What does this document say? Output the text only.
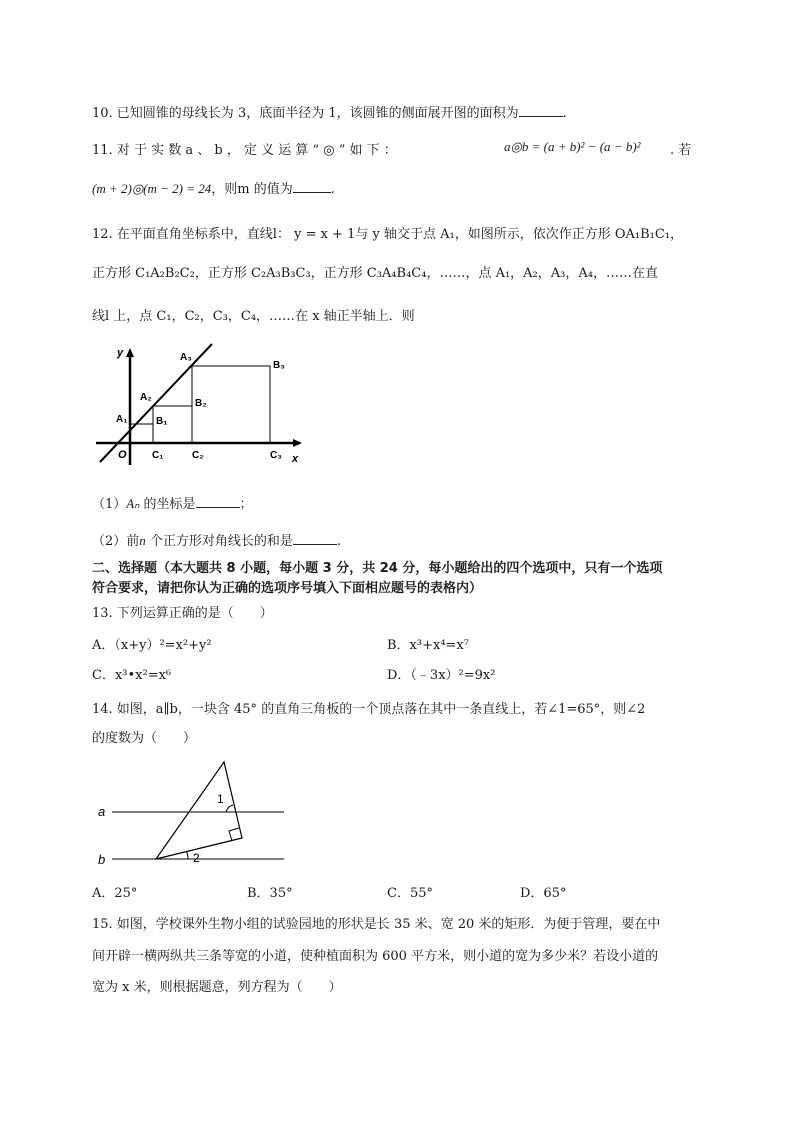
10. 已知圆锥的母线长为 3，底面半径为 1，该圆锥的侧面展开图的面积为	.
11. 对 于 实 数 a 、 b ， 定 义 运 算 “ ◎ ” 如 下 ：	a◎b = (a + b)² − (a − b)² . 若
(m + 2)◎(m − 2) = 24，则m 的值为	.
12. 在平面直角坐标系中，直线l： y = x + 1与 y 轴交于点 A₁，如图所示，依次作正方形 OA₁B₁C₁，
正方形 C₁A₂B₂C₂，正方形 C₂A₃B₃C₃，正方形 C₃A₄B₄C₄，……，点 A₁，A₂，A₃，A₄，……在直
线l 上，点 C₁，C₂，C₃，C₄，……在 x 轴正半轴上．则
y
x
O
A₁
A₂
A₃
B₁
B₂
B₃
C₁	C₂	C₃
（1）Aₙ 的坐标是	；
（2）前n 个正方形对角线长的和是	.
二、选择题（本大题共 8 小题，每小题 3 分，共 24 分，每小题给出的四个选项中，只有一个选项
符合要求，请把你认为正确的选项序号填入下面相应题号的表格内）
13. 下列运算正确的是（　　）
A．（x+y）²=x²+y²	B．x³+x⁴=x⁷
C．x³•x²=x⁶	D．（﹣3x）²=9x²
14. 如图，a∥b，一块含 45° 的直角三角板的一个顶点落在其中一条直线上，若∠1=65°，则∠2
的度数为（　　）
a
b
1
2
A．25°	B．35°	C．55°	D．65°
15. 如图，学校课外生物小组的试验园地的形状是长 35 米、宽 20 米的矩形．为便于管理，要在中
间开辟一横两纵共三条等宽的小道，使种植面积为 600 平方米，则小道的宽为多少米？若设小道的
宽为 x 米，则根据题意，列方程为（　　）
